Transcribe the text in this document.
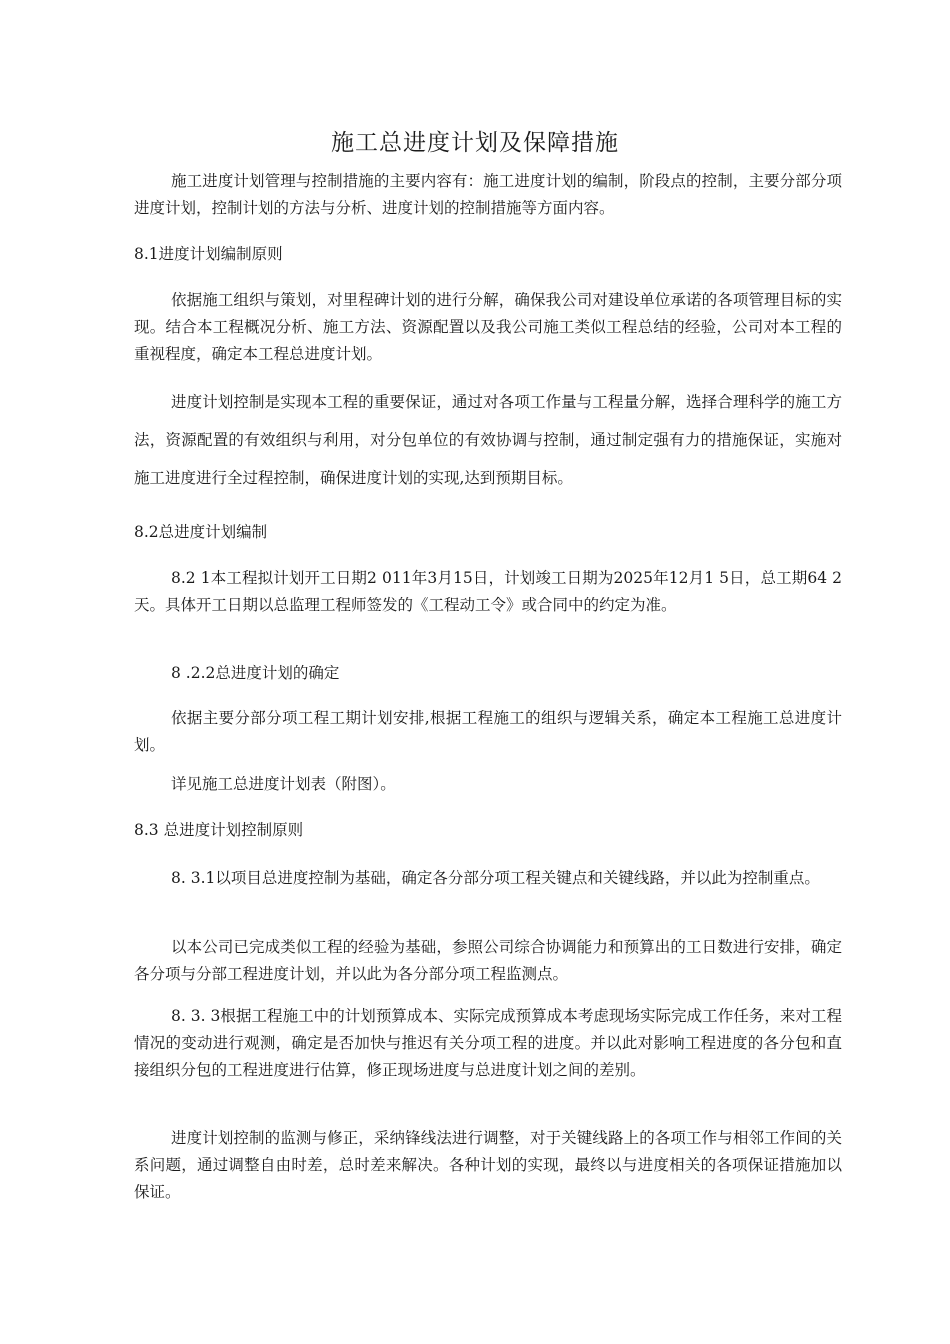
施工总进度计划及保障措施
施工进度计划管理与控制措施的主要内容有：施工进度计划的编制，阶段点的控制，主要分部分项进度计划，控制计划的方法与分析、进度计划的控制措施等方面内容。
8.1进度计划编制原则
依据施工组织与策划，对里程碑计划的进行分解，确保我公司对建设单位承诺的各项管理目标的实现。结合本工程概况分析、施工方法、资源配置以及我公司施工类似工程总结的经验，公司对本工程的重视程度，确定本工程总进度计划。
进度计划控制是实现本工程的重要保证，通过对各项工作量与工程量分解，选择合理科学的施工方法，资源配置的有效组织与利用，对分包单位的有效协调与控制，通过制定强有力的措施保证，实施对施工进度进行全过程控制，确保进度计划的实现,达到预期目标。
8.2总进度计划编制
8.2 1本工程拟计划开工日期2 011年3月15日，计划竣工日期为2025年12月1 5日，总工期64 2天。具体开工日期以总监理工程师签发的《工程动工令》或合同中的约定为准。
8 .2.2总进度计划的确定
依据主要分部分项工程工期计划安排,根据工程施工的组织与逻辑关系，确定本工程施工总进度计划。
详见施工总进度计划表（附图）。
8.3 总进度计划控制原则
8. 3.1以项目总进度控制为基础，确定各分部分项工程关键点和关键线路，并以此为控制重点。
以本公司已完成类似工程的经验为基础，参照公司综合协调能力和预算出的工日数进行安排，确定各分项与分部工程进度计划，并以此为各分部分项工程监测点。
8. 3. 3根据工程施工中的计划预算成本、实际完成预算成本考虑现场实际完成工作任务，来对工程情况的变动进行观测，确定是否加快与推迟有关分项工程的进度。并以此对影响工程进度的各分包和直接组织分包的工程进度进行估算，修正现场进度与总进度计划之间的差别。
进度计划控制的监测与修正，采纳锋线法进行调整，对于关键线路上的各项工作与相邻工作间的关系问题，通过调整自由时差，总时差来解决。各种计划的实现，最终以与进度相关的各项保证措施加以保证。
